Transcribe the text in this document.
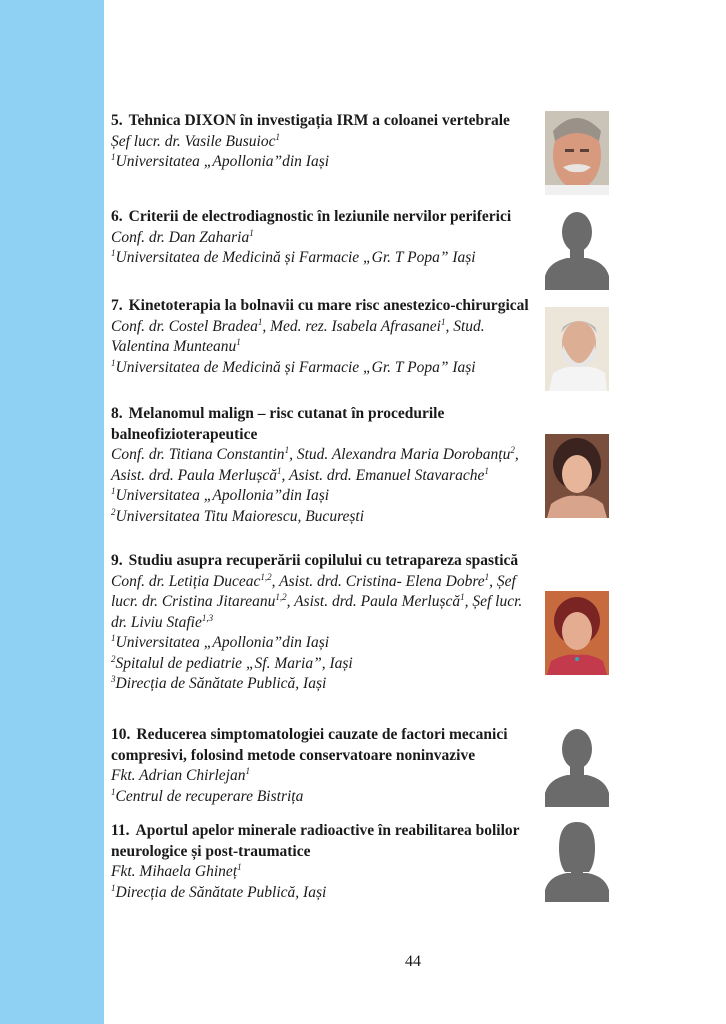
5. Tehnica DIXON în investigația IRM a coloanei vertebrale
Șef lucr. dr. Vasile Busuioc$^1$
$^1$Universitatea „Apollonia”din Iași
6. Criterii de electrodiagnostic în leziunile nervilor periferici
Conf. dr. Dan Zaharia$^1$
$^1$Universitatea de Medicină și Farmacie „Gr. T Popa” Iași
7. Kinetoterapia la bolnavii cu mare risc anestezico-chirurgical
Conf. dr. Costel Bradea$^1$, Med. rez. Isabela Afrasanei$^1$, Stud. Valentina Munteanu$^1$
$^1$Universitatea de Medicină și Farmacie „Gr. T Popa” Iași
8. Melanomul malign – risc cutanat în procedurile balneofizioterapeutice
Conf. dr. Titiana Constantin$^1$, Stud. Alexandra Maria Dorobanțu$^2$, Asist. drd. Paula Merlușcă$^1$, Asist. drd. Emanuel Stavarache$^1$
$^1$Universitatea „Apollonia”din Iași
$^2$Universitatea Titu Maiorescu, București
9. Studiu asupra recuperării copilului cu tetrapareza spastică
Conf. dr. Letiția Duceac$^{1,2}$, Asist. drd. Cristina- Elena Dobre$^1$, Șef lucr. dr. Cristina Jitareanu$^{1,2}$, Asist. drd. Paula Merlușcă$^1$, Șef lucr. dr. Liviu Stafie$^{1,3}$
$^1$Universitatea „Apollonia”din Iași
$^2$Spitalul de pediatrie „Sf. Maria”, Iași
$^3$Direcția de Sănătate Publică, Iași
10. Reducerea simptomatologiei cauzate de factori mecanici compresivi, folosind metode conservatoare noninvazive
Fkt. Adrian Chirlejan$^1$
$^1$Centrul de recuperare Bistrița
11. Aportul apelor minerale radioactive în reabilitarea bolilor neurologice și post-traumatice
Fkt. Mihaela Ghineț$^1$
$^1$Direcția de Sănătate Publică, Iași
44
